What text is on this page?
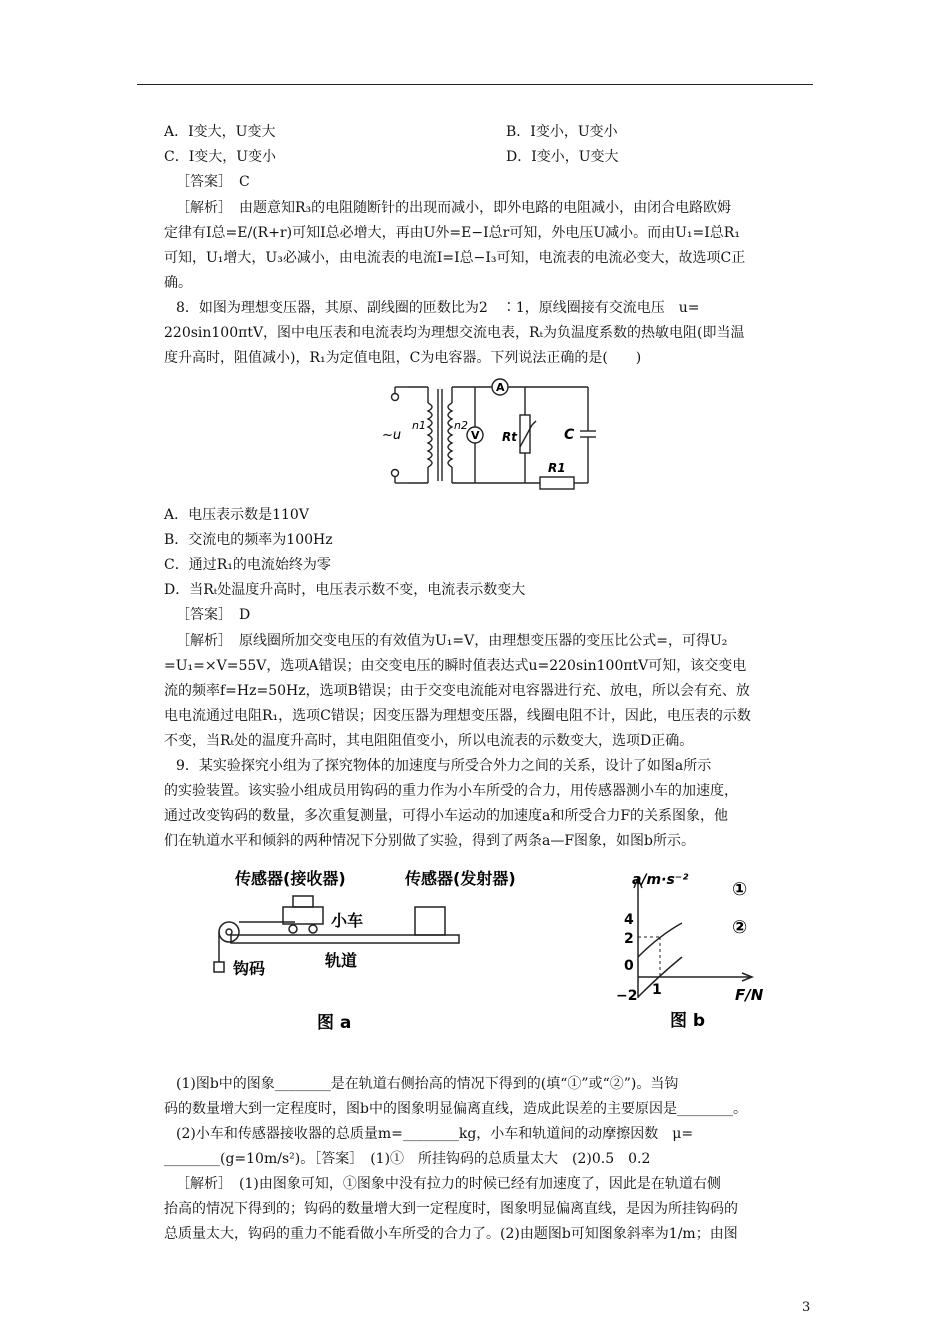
A．I变大，U变大	B．I变小，U变小
C．I变大，U变小	D．I变小，U变大
［答案］　C
［解析］　由题意知R₃的电阻随断针的出现而减小，即外电路的电阻减小，由闭合电路欧姆
定律有I总=E/(R+r)可知I总必增大，再由U外=E−I总r可知，外电压U减小。而由U₁=I总R₁
可知，U₁增大，U₃必减小，由电流表的电流I=I总−I₃可知，电流表的电流必变大，故选项C正
确。
8．如图为理想变压器，其原、副线圈的匝数比为2　∶1，原线圈接有交流电压　u=
220sin100πtV，图中电压表和电流表均为理想交流电表，Rₜ为负温度系数的热敏电阻(即当温
度升高时，阻值减小)，R₁为定值电阻，C为电容器。下列说法正确的是(　　)
~u
n1	n2
A
V Rt	C
R1
A．电压表示数是110V
B．交流电的频率为100Hz
C．通过R₁的电流始终为零
D．当Rₜ处温度升高时，电压表示数不变，电流表示数变大
［答案］　D
［解析］　原线圈所加交变电压的有效值为U₁=V，由理想变压器的变压比公式=，可得U₂
=U₁=×V=55V，选项A错误；由交变电压的瞬时值表达式u=220sin100πtV可知，该交变电
流的频率f=Hz=50Hz，选项B错误；由于交变电流能对电容器进行充、放电，所以会有充、放
电电流通过电阻R₁，选项C错误；因变压器为理想变压器，线圈电阻不计，因此，电压表的示数
不变，当Rₜ处的温度升高时，其电阻阻值变小，所以电流表的示数变大，选项D正确。
9．某实验探究小组为了探究物体的加速度与所受合外力之间的关系，设计了如图a所示
的实验装置。该实验小组成员用钩码的重力作为小车所受的合力，用传感器测小车的加速度，
通过改变钩码的数量，多次重复测量，可得小车运动的加速度a和所受合力F的关系图象，他
们在轨道水平和倾斜的两种情况下分别做了实验，得到了两条a—F图象，如图b所示。
传感器(接收器)	传感器(发射器)
小车
轨道
钩码
图 a
a/m·s⁻²
F/N
4
2
0
−2 1
①
②
图 b
(1)图b中的图象________是在轨道右侧抬高的情况下得到的(填“①”或“②”)。当钩
码的数量增大到一定程度时，图b中的图象明显偏离直线，造成此误差的主要原因是________。
(2)小车和传感器接收器的总质量m=________kg，小车和轨道间的动摩擦因数　μ=
________(g=10m/s²)。［答案］　(1)①　所挂钩码的总质量太大　(2)0.5　0.2
［解析］　(1)由图象可知，①图象中没有拉力的时候已经有加速度了，因此是在轨道右侧
抬高的情况下得到的；钩码的数量增大到一定程度时，图象明显偏离直线，是因为所挂钩码的
总质量太大，钩码的重力不能看做小车所受的合力了。(2)由题图b可知图象斜率为1/m；由图
3
